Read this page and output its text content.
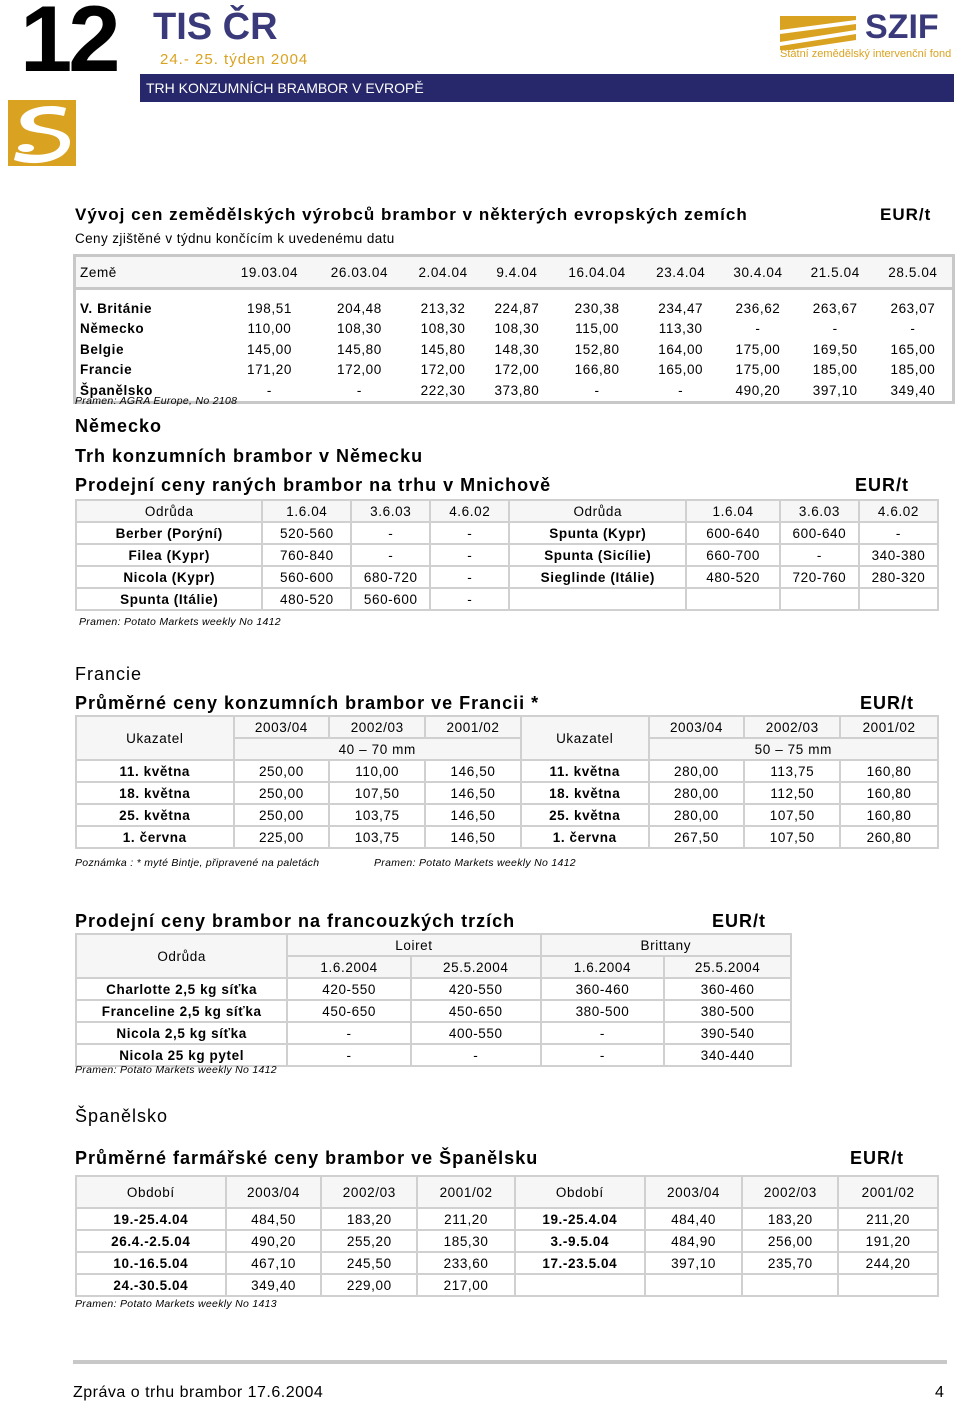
12 TIS ČR
24.- 25. týden 2004
TRH KONZUMNÍCH BRAMBOR V EVROPĚ
SZIF
Státní zemědělský intervenční fond
Vývoj cen zemědělských výrobců brambor v některých evropských zemích	EUR/t
Ceny zjištěné v týdnu končícím k uvedenému datu
Země	19.03.04	26.03.04	2.04.04	9.4.04	16.04.04	23.4.04	30.4.04	21.5.04	28.5.04

V. Británie	198,51	204,48	213,32	224,87	230,38	234,47	236,62	263,67	263,07
Německo	110,00	108,30	108,30	108,30	115,00	113,30	-	-	-
Belgie	145,00	145,80	145,80	148,30	152,80	164,00	175,00	169,50	165,00
Francie	171,20	172,00	172,00	172,00	166,80	165,00	175,00	185,00	185,00
Španělsko	-	-	222,30	373,80	-	-	490,20	397,10	349,40
Pramen: AGRA Europe, No 2108
Německo
Trh konzumních brambor v Německu
Prodejní ceny raných brambor na trhu v Mnichově	EUR/t
Odrůda	1.6.04	3.6.03	4.6.02	Odrůda	1.6.04	3.6.03	4.6.02
Berber (Porýní)	520-560	-	-	Spunta (Kypr)	600-640	600-640	-
Filea (Kypr)	760-840	-	-	Spunta (Sicílie)	660-700	-	340-380
Nicola (Kypr)	560-600	680-720	-	Sieglinde (Itálie)	480-520	720-760	280-320
Spunta (Itálie)	480-520	560-600	-				
Pramen: Potato Markets weekly No 1412
Francie
Průměrné ceny konzumních brambor ve Francii *	EUR/t
Ukazatel	2003/04	2002/03	2001/02	Ukazatel	2003/04	2002/03	2001/02
	40 – 70 mm				50 – 75 mm		
11. května	250,00	110,00	146,50	11. května	280,00	113,75	160,80
18. května	250,00	107,50	146,50	18. května	280,00	112,50	160,80
25. května	250,00	103,75	146,50	25. května	280,00	107,50	160,80
1. června	225,00	103,75	146,50	1. června	267,50	107,50	260,80
Poznámka : * myté Bintje, připravené na paletách	Pramen: Potato Markets weekly No 1412
Prodejní ceny brambor na francouzkých trzích	EUR/t
Odrůda	Loiret		Brittany	
	1.6.2004	25.5.2004	1.6.2004	25.5.2004
Charlotte 2,5 kg síťka	420-550	420-550	360-460	360-460
Franceline 2,5 kg síťka	450-650	450-650	380-500	380-500
Nicola 2,5 kg síťka	-	400-550	-	390-540
Nicola 25 kg pytel	-	-	-	340-440
Pramen: Potato Markets weekly No 1412
Španělsko
Průměrné farmářské ceny brambor ve Španělsku	EUR/t
Období	2003/04	2002/03	2001/02	Období	2003/04	2002/03	2001/02
19.-25.4.04	484,50	183,20	211,20	19.-25.4.04	484,40	183,20	211,20
26.4.-2.5.04	490,20	255,20	185,30	3.-9.5.04	484,90	256,00	191,20
10.-16.5.04	467,10	245,50	233,60	17.-23.5.04	397,10	235,70	244,20
24.-30.5.04	349,40	229,00	217,00				
Pramen: Potato Markets weekly No 1413
Zpráva o trhu brambor 17.6.2004	4
